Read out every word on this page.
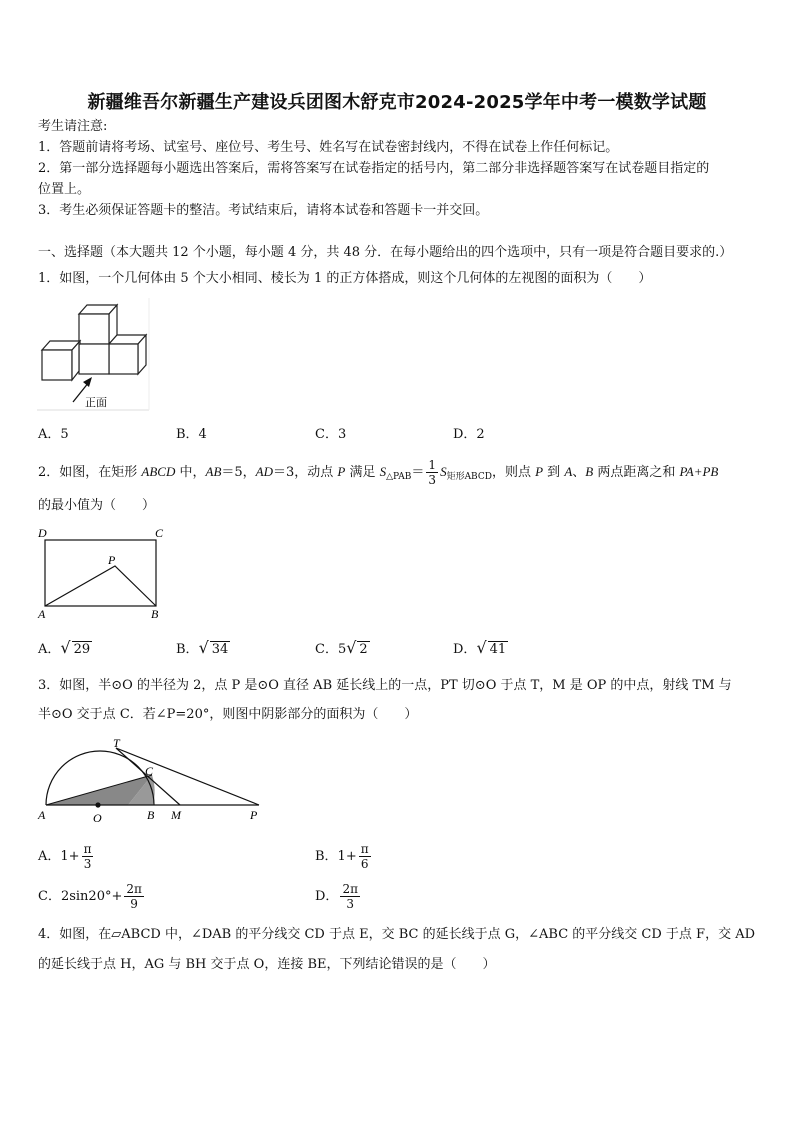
新疆维吾尔新疆生产建设兵团图木舒克市2024-2025学年中考一模数学试题
考生请注意:
1．答题前请将考场、试室号、座位号、考生号、姓名写在试卷密封线内，不得在试卷上作任何标记。
2．第一部分选择题每小题选出答案后，需将答案写在试卷指定的括号内，第二部分非选择题答案写在试卷题目指定的
位置上。
3．考生必须保证答题卡的整洁。考试结束后，请将本试卷和答题卡一并交回。
一、选择题（本大题共 12 个小题，每小题 4 分，共 48 分．在每小题给出的四个选项中，只有一项是符合题目要求的.）
1．如图，一个几何体由 5 个大小相同、棱长为 1 的正方体搭成，则这个几何体的左视图的面积为（　　）
正面
A．5	B．4	C．3	D．2
2．如图，在矩形 ABCD 中，AB＝5，AD＝3，动点 P 满足 $S_{\triangle PAB}= \frac{1}{3} S_{矩形ABCD}$，则点 P 到 A、B 两点距离之和 PA+PB
的最小值为（　　）
D	C
P
A	B
A．√ 29	B．√ 34	C．5√ 2	D．√ 41
3．如图，半⊙O 的半径为 2，点 P 是⊙O 直径 AB 延长线上的一点，PT 切⊙O 于点 T，M 是 OP 的中点，射线 TM 与
半⊙O 交于点 C．若∠P=20°，则图中阴影部分的面积为（　　）
T
C
A	O	B M	P
A．$1+ \frac{\pi}{3}$	B．$1+ \frac{\pi}{6}$
C．$2\sin 20^\circ+ \frac{2\pi}{9}$	D． $\frac{2\pi}{3}$
4．如图，在▱ABCD 中，∠DAB 的平分线交 CD 于点 E，交 BC 的延长线于点 G，∠ABC 的平分线交 CD 于点 F，交 AD
的延长线于点 H，AG 与 BH 交于点 O，连接 BE，下列结论错误的是（　　）
